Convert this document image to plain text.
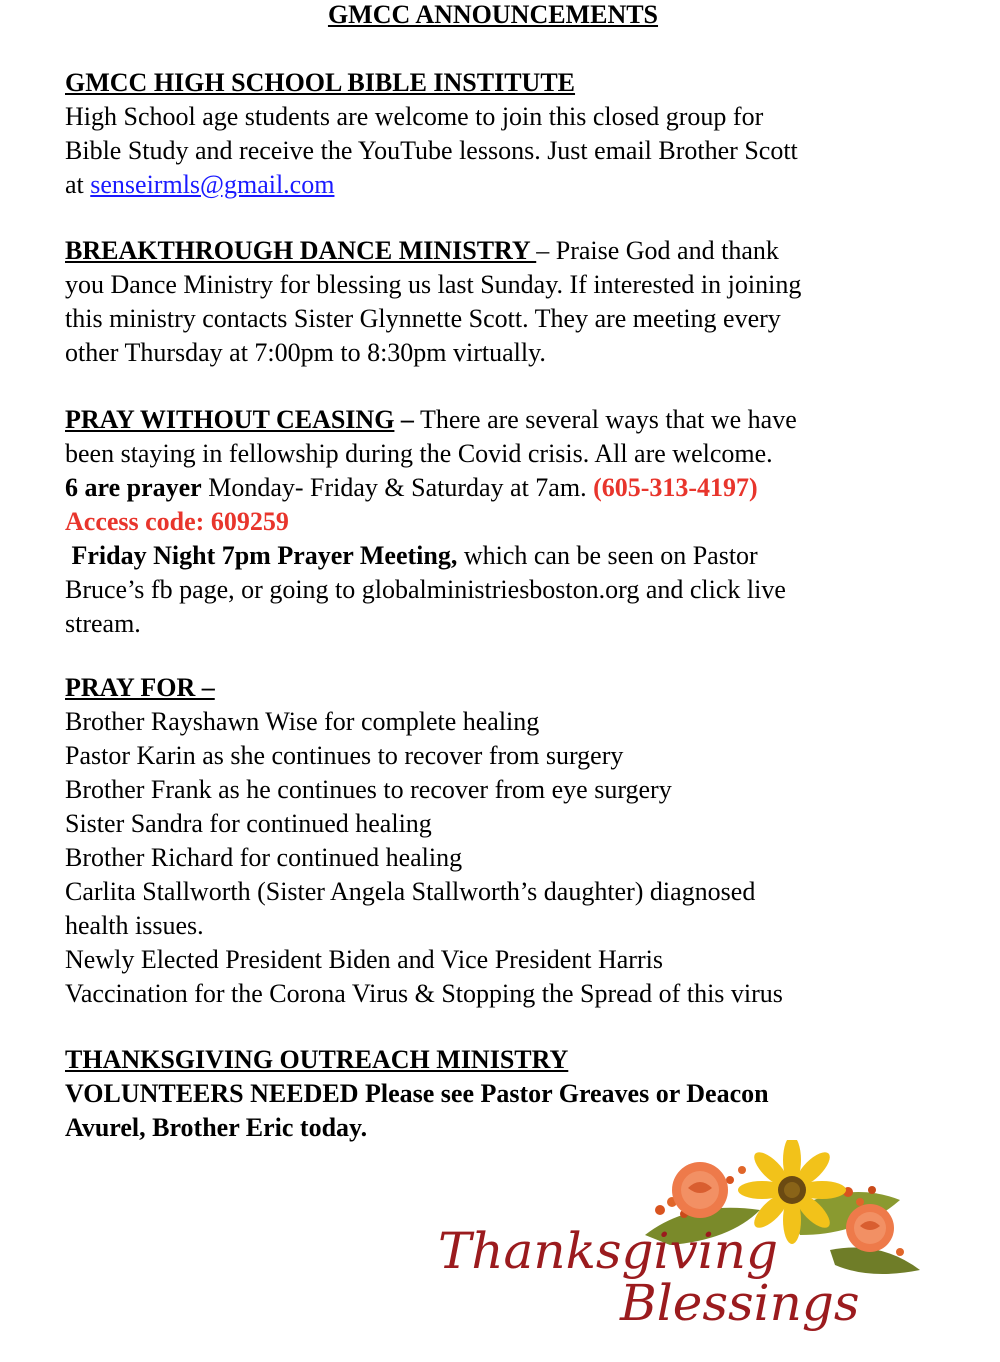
GMCC ANNOUNCEMENTS
GMCC HIGH SCHOOL BIBLE INSTITUTE
High School age students are welcome to join this closed group for
Bible Study and receive the YouTube lessons. Just email Brother Scott
at senseirmls@gmail.com
BREAKTHROUGH DANCE MINISTRY – Praise God and thank
you Dance Ministry for blessing us last Sunday. If interested in joining
this ministry contacts Sister Glynnette Scott. They are meeting every
other Thursday at 7:00pm to 8:30pm virtually.
PRAY WITHOUT CEASING – There are several ways that we have
been staying in fellowship during the Covid crisis. All are welcome.
6 are prayer Monday- Friday & Saturday at 7am. (605-313-4197)
Access code: 609259
Friday Night 7pm Prayer Meeting, which can be seen on Pastor
Bruce’s fb page, or going to globalministriesboston.org and click live
stream.
PRAY FOR –
Brother Rayshawn Wise for complete healing
Pastor Karin as she continues to recover from surgery
Brother Frank as he continues to recover from eye surgery
Sister Sandra for continued healing
Brother Richard for continued healing
Carlita Stallworth (Sister Angela Stallworth’s daughter) diagnosed
health issues.
Newly Elected President Biden and Vice President Harris
Vaccination for the Corona Virus & Stopping the Spread of this virus
THANKSGIVING OUTREACH MINISTRY
VOLUNTEERS NEEDED Please see Pastor Greaves or Deacon
Avurel, Brother Eric today.
Thanksgiving
Blessings
